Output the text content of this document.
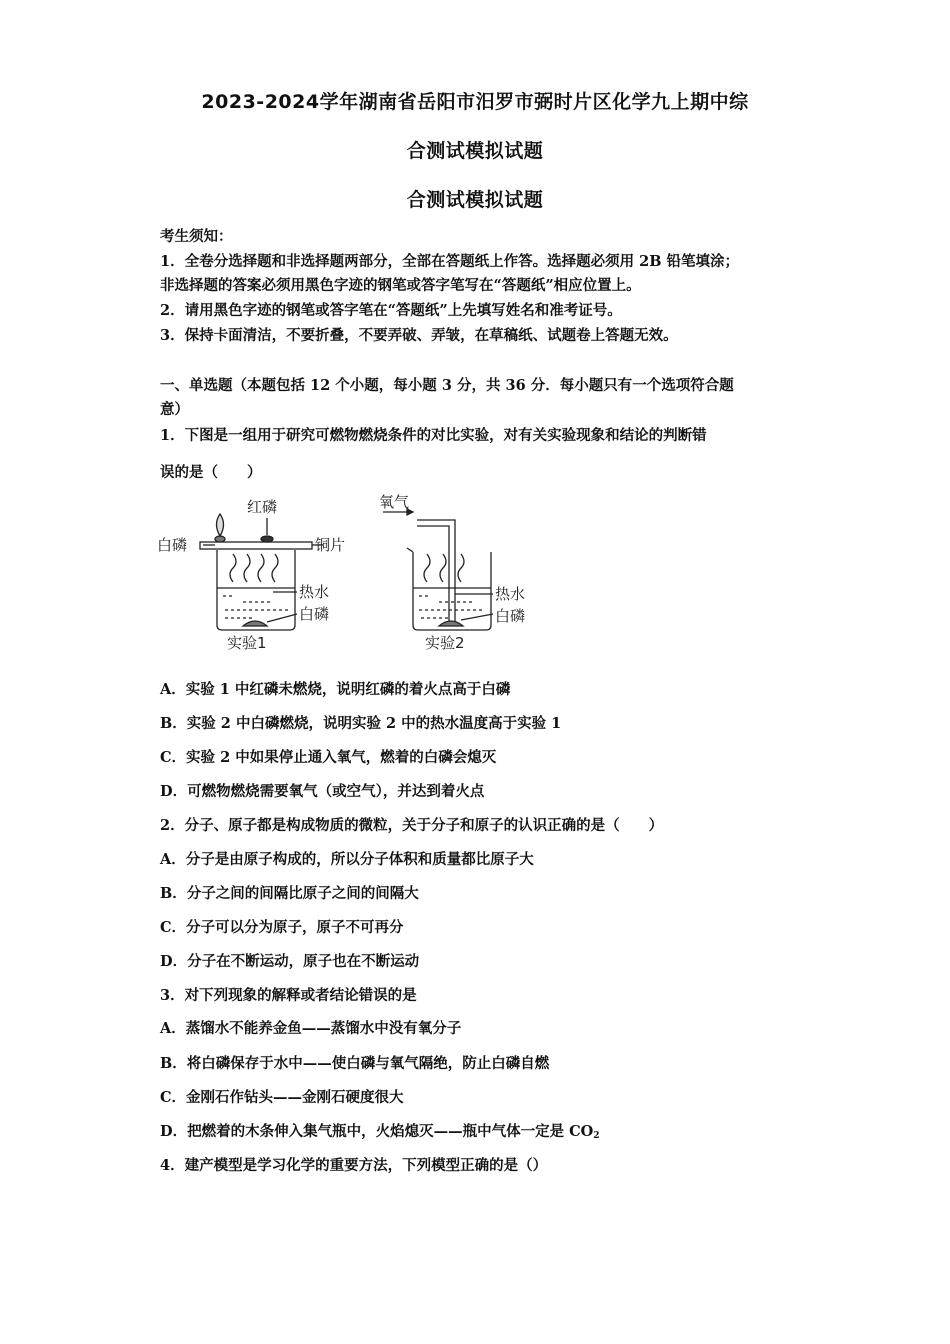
2023-2024学年湖南省岳阳市汨罗市弼时片区化学九上期中综
合测试模拟试题
合测试模拟试题

考生须知：

1．全卷分选择题和非选择题两部分，全部在答题纸上作答。选择题必须用 2B 铅笔填涂；

非选择题的答案必须用黑色字迹的钢笔或答字笔写在“答题纸”相应位置上。

2．请用黑色字迹的钢笔或答字笔在“答题纸”上先填写姓名和准考证号。

3．保持卡面清洁，不要折叠，不要弄破、弄皱，在草稿纸、试题卷上答题无效。

一、单选题（本题包括 12 个小题，每小题 3 分，共 36 分．每小题只有一个选项符合题

意）

1．下图是一组用于研究可燃物燃烧条件的对比实验，对有关实验现象和结论的判断错

误的是（　　）

红磷
白磷	铜片
热水
白磷
实验1
氧气
热水
白磷
实验2

A．实验 1 中红磷未燃烧，说明红磷的着火点高于白磷

B．实验 2 中白磷燃烧，说明实验 2 中的热水温度高于实验 1

C．实验 2 中如果停止通入氧气，燃着的白磷会熄灭

D．可燃物燃烧需要氧气（或空气），并达到着火点

2．分子、原子都是构成物质的微粒，关于分子和原子的认识正确的是（　　）

A．分子是由原子构成的，所以分子体积和质量都比原子大

B．分子之间的间隔比原子之间的间隔大

C．分子可以分为原子，原子不可再分

D．分子在不断运动，原子也在不断运动

3．对下列现象的解释或者结论错误的是

A．蒸馏水不能养金鱼——蒸馏水中没有氧分子

B．将白磷保存于水中——使白磷与氧气隔绝，防止白磷自燃

C．金刚石作钻头——金刚石硬度很大

D．把燃着的木条伸入集气瓶中，火焰熄灭——瓶中气体一定是 $CO_2$

4．建产模型是学习化学的重要方法，下列模型正确的是（）
